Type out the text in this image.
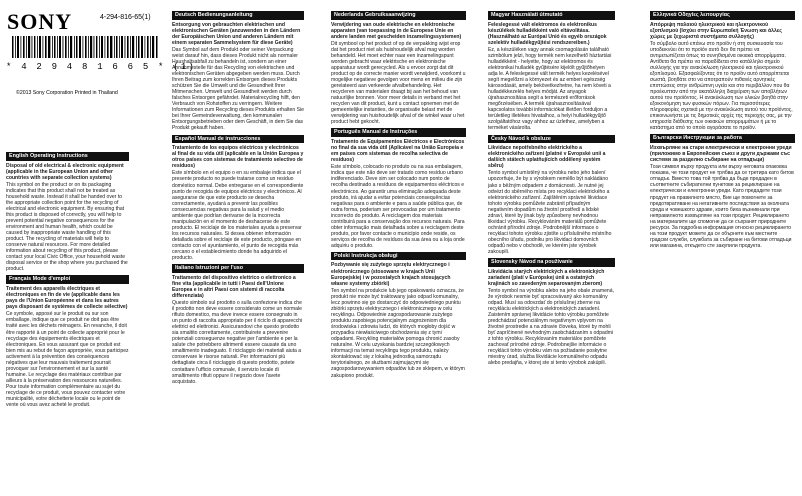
SONY	4-294-816-65(1)
* 4 2 9 4 8 1 6 6 5 * (1)
©2013 Sony Corporation Printed in Thailand
English Operating Instructions
Disposal of old electrical & electronic equipment (applicable in the European Union and other countries with separate collection systems)
This symbol on the product or on its packaging indicates that this product shall not be treated as household waste. Instead it shall be handed over to the appropriate collection point for the recycling of electrical and electronic equipment. By ensuring that this product is disposed of correctly, you will help to prevent potential negative consequences for the environment and human health, which could be caused by inappropriate waste handling of this product. The recycling of materials will help to conserve natural resources. For more detailed information about recycling of this product, please contact your local Civic Office, your household waste disposal service or the shop where you purchased the product.
Français Mode d'emploi
Traitement des appareils électriques et électroniques en fin de vie (applicable dans les pays de l'Union Européenne et dans les autres pays disposant de systèmes de collecte sélective)
Ce symbole, apposé sur le produit ou sur son emballage, indique que ce produit ne doit pas être traité avec les déchets ménagers. En revanche, il doit être rapporté à un point de collecte approprié pour le recyclage des équipements électriques et électroniques. En vous assurant que ce produit est bien mis au rebut de façon appropriée, vous participez activement à la prévention des conséquences négatives que leur mauvais traitement pourrait provoquer sur l'environnement et sur la santé humaine. Le recyclage des matériaux contribue par ailleurs à la préservation des ressources naturelles. Pour toute information complémentaire au sujet du recyclage de ce produit, vous pouvez contacter votre municipalité, votre déchetterie locale ou le point de vente où vous avez acheté le produit.
Deutsch Bedienungsanleitung
Entsorgung von gebrauchten elektrischen und elektronischen Geräten (anzuwenden in den Ländern der Europäischen Union und anderen Ländern mit einem separaten Sammelsystem für diese Geräte)
Das Symbol auf dem Produkt oder seiner Verpackung weist darauf hin, dass dieses Produkt nicht als normaler Haushaltsabfall zu behandeln ist, sondern an einer Annahmestelle für das Recycling von elektrischen und elektronischen Geräten abgegeben werden muss. Durch Ihren Beitrag zum korrekten Entsorgen dieses Produkts schützen Sie die Umwelt und die Gesundheit Ihrer Mitmenschen. Umwelt und Gesundheit werden durch falsches Entsorgen gefährdet. Materialrecycling hilft, den Verbrauch von Rohstoffen zu verringern. Weitere Informationen zum Recycling dieses Produkts erhalten Sie bei Ihrer Gemeindeverwaltung, den kommunalen Entsorgungsbetrieben oder dem Geschäft, in dem Sie das Produkt gekauft haben.
Español Manual de instrucciones
Tratamiento de los equipos eléctricos y electrónicos al final de su vida útil (aplicable en la Unión Europea y otros países con sistemas de tratamiento selectivo de residuos)
Este símbolo en el equipo o en su embalaje indica que el presente producto no puede tratarse como un residuo doméstico normal. Debe entregarse en el correspondiente punto de recogida de equipos eléctricos y electrónicos. Al asegurarse de que este producto se desecha correctamente, ayudará a prevenir las posibles consecuencias negativas para la salud y el medio ambiente que podrían derivarse de la incorrecta manipulación en el momento de deshacerse de este producto. El reciclaje de los materiales ayuda a preservar los recursos naturales. Si desea obtener información detallada sobre el reciclaje de este producto, póngase en contacto con el ayuntamiento, el punto de recogida más cercano o el establecimiento donde ha adquirido el producto.
Italiano Istruzioni per l'uso
Trattamento del dispositivo elettrico o elettronico a fine vita (applicabile in tutti i Paesi dell'Unione Europea e in altri Paesi con sistemi di raccolta differenziata)
Questo simbolo sul prodotto o sulla confezione indica che il prodotto non deve essere considerato come un normale rifiuto domestico, ma deve invece essere consegnato in un punto di raccolta appropriato per il riciclo di apparecchi elettrici ed elettronici. Assicurandovi che questo prodotto sia smaltito correttamente, contribuirete a prevenire potenziali conseguenze negative per l'ambiente e per la salute che potrebbero altrimenti essere causate da uno smaltimento inadeguato. Il riciclaggio dei materiali aiuta a conservare le risorse naturali. Per informazioni più dettagliate circa il riciclaggio di questo prodotto, potete contattare l'ufficio comunale, il servizio locale di smaltimento rifiuti oppure il negozio dove l'avete acquistato.
Nederlands Gebruiksaanwijzing
Verwijdering van oude elektrische en elektronische apparaten (van toepassing in de Europese Unie en andere landen met gescheiden inzamelingssystemen)
Dit symbool op het product of op de verpakking wijst erop dat het product niet als huishoudelijk afval mag worden behandeld. Het moet echter naar een inzamelingspunt worden gebracht waar elektrische en elektronische apparatuur wordt gerecycled. Als u ervoor zorgt dat dit product op de correcte manier wordt verwijderd, voorkomt u mogelijke negatieve gevolgen voor mens en milieu die zijn gerelateerd aan verkeerde afvalbehandeling. Het recycleren van materialen draagt bij aan het behoud van natuurlijke bronnen. Voor meer details in verband met het recyclen van dit product, kunt u contact opnemen met de gemeentelijke instanties, de organisatie belast met de verwijdering van huishoudelijk afval of de winkel waar u het product hebt gekocht.
Português Manual de Instruções
Tratamento de Equipamentos Eléctricos e Electrónicos no final da sua vida útil (Aplicável na União Europeia e em países com sistemas de recolha selectiva de resíduos)
Este símbolo, colocado no produto ou na sua embalagem, indica que este não deve ser tratado como resíduo urbano indiferenciado. Deve sim ser colocado num ponto de recolha destinado a resíduos de equipamentos eléctricos e electrónicos. Ao garantir uma eliminação adequada deste produto, irá ajudar a evitar potenciais consequências negativas para o ambiente e para a saúde pública que, de outra forma, poderiam ser provocadas por um tratamento incorrecto do produto. A reciclagem dos materiais contribuirá para a conservação dos recursos naturais. Para obter informação mais detalhada sobre a reciclagem deste produto, por favor contacte o município onde reside, os serviços de recolha de resíduos da sua área ou a loja onde adquiriu o produto.
Polski Instrukcja obsługi
Pozbywanie się zużytego sprzętu elektrycznego i elektronicznego (stosowane w krajach Unii Europejskiej i w pozostałych krajach stosujących własne systemy zbiórki)
Ten symbol na produkcie lub jego opakowaniu oznacza, że produkt nie może być traktowany jako odpad komunalny, lecz powinno się go dostarczyć do odpowiedniego punktu zbiórki sprzętu elektrycznego i elektronicznego w celu recyklingu. Odpowiednie zagospodarowanie zużytego produktu zapobiega potencjalnym zagrożeniom dla środowiska i zdrowia ludzi, do których mogłoby dojść w przypadku niewłaściwego obchodzenia się z tymi odpadami. Recykling materiałów pomoga chronić zasoby naturalne. W celu uzyskania bardziej szczegółowych informacji na temat recyklingu tego produktu, należy skontaktować się z lokalną jednostką samorządu terytorialnego, ze służbami zajmującymi się zagospodarowywaniem odpadów lub ze sklepem, w którym zakupiono produkt.
Magyar Használati útmutató
Feleslegessé vált elektromos és elektronikus készülékek hulladékként való eltávolítása. (Használható az Európai Unió és egyéb országok szelektív hulladékgyűjtési rendszereiben.)
Ez, a készüléken vagy annak csomagolásán található szimbólum jelzi, hogy termék nem kezelhető háztartási hulladékként - helyette, hogy az elektromos és elektronikai hulladék gyűjtésére kijelölt gyűjtőhelyen adja le. A feleslegessé vált termék helyes kezelésével segít megelőzni a környezet és az emberi egészség károsodását, amely bekövetkezhetne, ha nem követi a hulladékkezelés helyes módját. Az anyagok újrahasznosítása segít a természeti erőforrások megőrzésében. A termék újrahasznosításával kapcsolatos további információkat illetően forduljon a területileg illetékes hivatalhoz, a helyi hulladékgyűjtő szolgáltatóhoz vagy ahhoz az üzlethez, amelyben a terméket vásárolta.
Česky Návod k obsluze
Likvidace nepotřebného elektrického a elektronického zařízení (platné v Evropské unii a dalších státech uplatňujících oddělený systém sběru)
Tento symbol umístěný na výrobku nebo jeho balení upozorňuje, že by s výrobkem neměllo být nakládáno jako s běžným odpadem z domácnosti. Je nutné jej odvézt do sběrného místa pro recyklaci elektrického a elektronického zařízení. Zajištěním správné likvidace tohoto výrobku pomůžete zabránit případným negativním dopadům na životní prostředí a lidské zdraví, které by jinak byly způsobeny nevhodnou likvidací výrobku. Recyklováním materiálů pomůžete ochránit přírodní zdroje. Podrobnější informace o recyklaci tohoto výrobku zjistíte u příslušného místního obecního úřadu, podniku pro likvidaci domovních odpadů nebo v obchodě, ve kterém jste výrobek zakoupili.
Slovensky Návod na používanie
Likvidácia starých elektrických a elektronických zariadení (platí v Európskej únii a ostatných krajinách so zavedeným separovaným zberom)
Tento symbol na výrobku alebo na jeho obale znamená, že výrobok nesmie byť spracovávaný ako komunálny odpad. Musí sa odovzdať do príslušnej zberne na recykláciu elektrických a elektronických zariadení. Zaistením správnej likvidácie tohto výrobku pomôžete predchádzať potenciálnym negatívnym vplyvom na životné prostredie a na zdravie človeka, ktoré by mohli byť zapríčinené nevhodným zaobchádzaním s odpadmi z tohto výrobku. Recyklovaním materiálov pomôžete zachovať prírodné zdroje. Podrobnejšie informácie o recyklácii tohto výrobku vám na požiadanie poskytne miestny úrad, služba likvidácie komunálneho odpadu alebo predajňa, v ktorej ste si tento výrobok zakúpili.
Ελληνικά Οδηγίες λειτουργίας
Απόρριψη παλαιού ηλεκτρικού και ηλεκτρονικού εξοπλισμού (Ισχύει στην Ευρωπαϊκή Ένωση και άλλες χώρες με ξεχωριστά συστήματα συλλογής)
Το σύμβολο αυτό επάνω στο προϊόν ή στη συσκευασία του υποδεικνύει ότι το προϊόν αυτό δεν θα πρέπει να αντιμετωπίζεται όπως τα συνηθισμένα οικιακά απορρίμματα. Αντίθετα θα πρέπει να παραδίδεται στο κατάλληλο σημείο συλλογής για την ανακύκλωση ηλεκτρικού και ηλεκτρονικού εξοπλισμού. Εξασφαλίζοντας ότι το προϊόν αυτό απορρίπτεται σωστά, βοηθάτε στο να αποτραπούν πιθανές αρνητικές επιπτώσεις στην ανθρώπινη υγεία και στο περιβάλλον που θα προέκυπταν από την ακατάλληλη διαχείριση των αποβλήτων αυτού του προϊόντος. Η ανακύκλωση των υλικών βοηθά στην εξοικονόμηση των φυσικών πόρων. Για περισσότερες πληροφορίες σχετικά με την ανακύκλωση αυτού του προϊόντος, επικοινωνήστε με τις δημοτικές αρχές της περιοχής σας, με την υπηρεσία διάθεσης των οικιακών απορριμμάτων ή με το κατάστημα από το οποίο αγοράσατε το προϊόν.
Български Инструкции за работа
Изхвърляне на стари електрически и електронни уреди (приложимо в Европейския съюз и други държави със системи за разделно събиране на отпадъци)
Този символ върху продукта или върху неговата опаковка показва, че този продукт не трябва да се третира като битов отпадък. Вместо това той трябва да бъде предаден в съответните събирателни пунктове за рециклиране на електрически и електронни уреди. Като предадете този продукт на правилното място, Вие ще помогнете за предотвратяване на негативните последствия за околната среда и човешкото здраве, които биха възникнали при неправилното изхвърляне на този продукт. Рециклирането на материалите ще спомогне да се съхранят природните ресурси. За подробна информация относно рециклирането на този продукт можете да се обърнете към местните градски служби, службата за събиране на битови отпадъци или магазина, откъдето сте закупили продукта.
